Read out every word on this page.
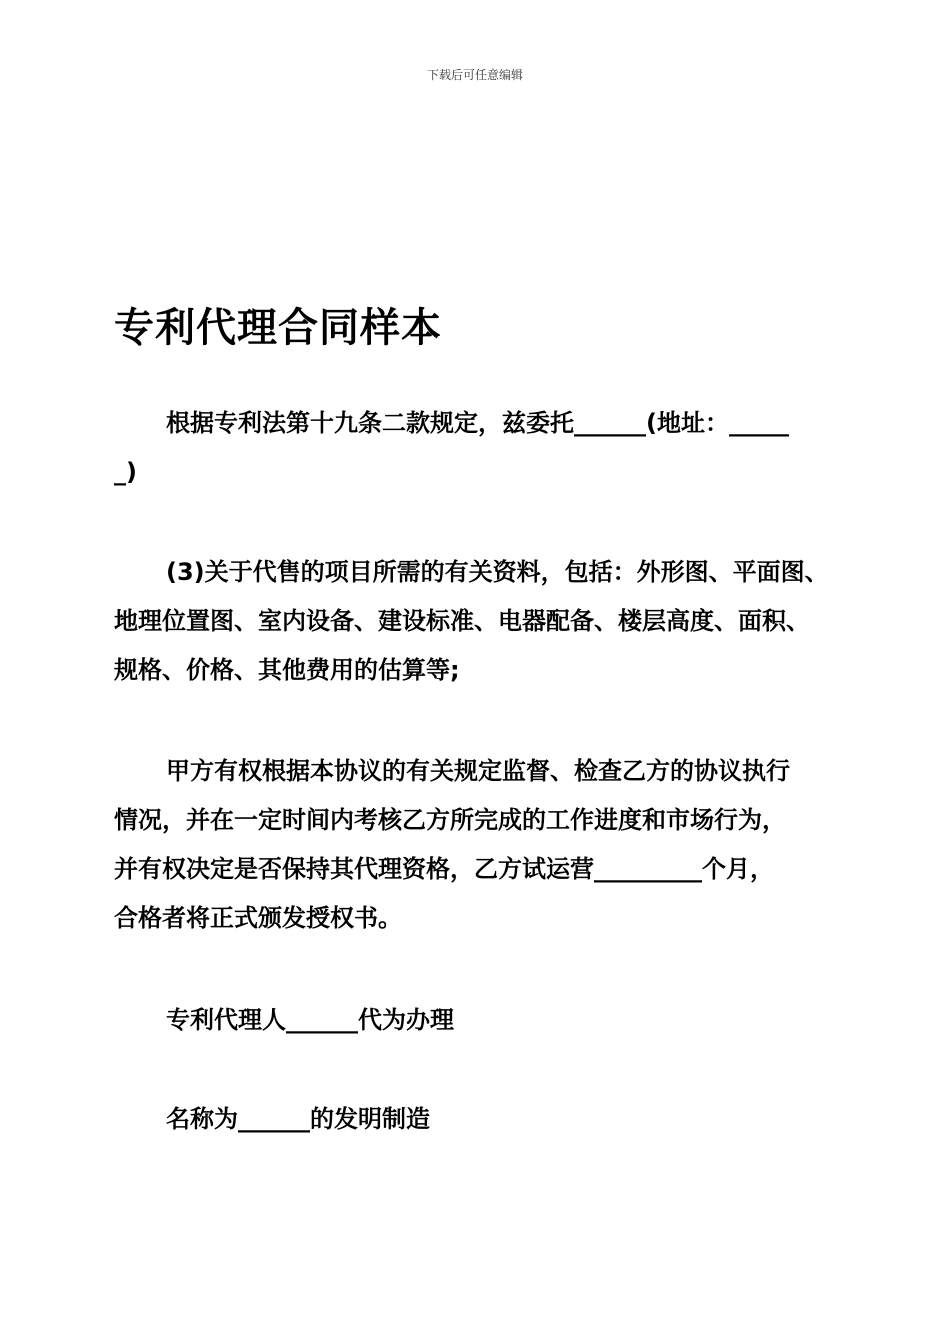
下载后可任意编辑
专利代理合同样本
根据专利法第十九条二款规定，兹委托______(地址：_____
_)
(3)关于代售的项目所需的有关资料，包括：外形图、平面图、
地理位置图、室内设备、建设标准、电器配备、楼层高度、面积、
规格、价格、其他费用的估算等;
甲方有权根据本协议的有关规定监督、检查乙方的协议执行
情况，并在一定时间内考核乙方所完成的工作进度和市场行为，
并有权决定是否保持其代理资格，乙方试运营_________个月，
合格者将正式颁发授权书。
专利代理人______代为办理
名称为______的发明制造
